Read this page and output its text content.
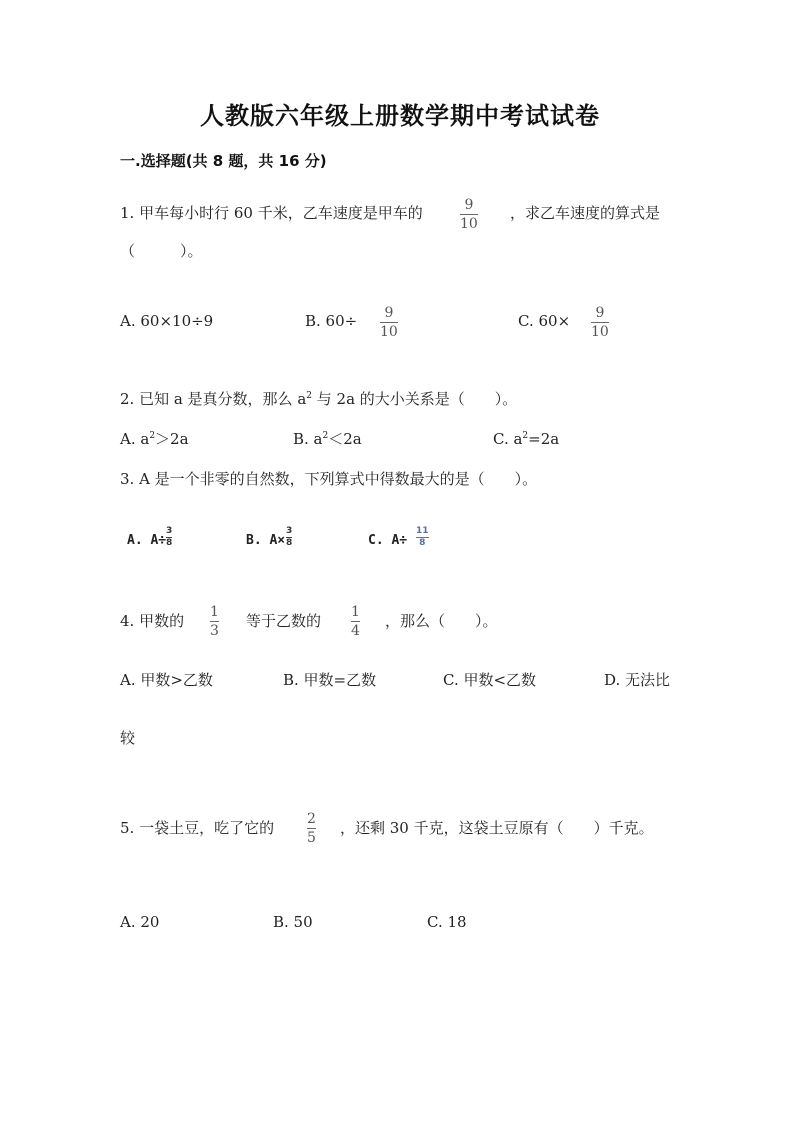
人教版六年级上册数学期中考试试卷
一.选择题(共 8 题，共 16 分)
1. 甲车每小时行 60 千米，乙车速度是甲车的	9
10
，求乙车速度的算式是
（　　　）。
A. 60×10÷9	B. 60÷ 9
10
C. 60× 9
10
2. 已知 a 是真分数，那么 $a^2$ 与 2a 的大小关系是（　　）。
A. $a^2>2a$	B. $a^2<2a$	C. $a^2=2a$
3. A 是一个非零的自然数，下列算式中得数最大的是（　　）。
A. A÷
3
8	B. A×
3
8	C. A÷
11
8
4. 甲数的 1
3
等于乙数的 1
4
，那么（　　）。
A. 甲数>乙数	B. 甲数=乙数	C. 甲数<乙数	D. 无法比
较
5. 一袋土豆，吃了它的 2
5
，还剩 30 千克，这袋土豆原有（　　）千克。
A. 20	B. 50	C. 18
